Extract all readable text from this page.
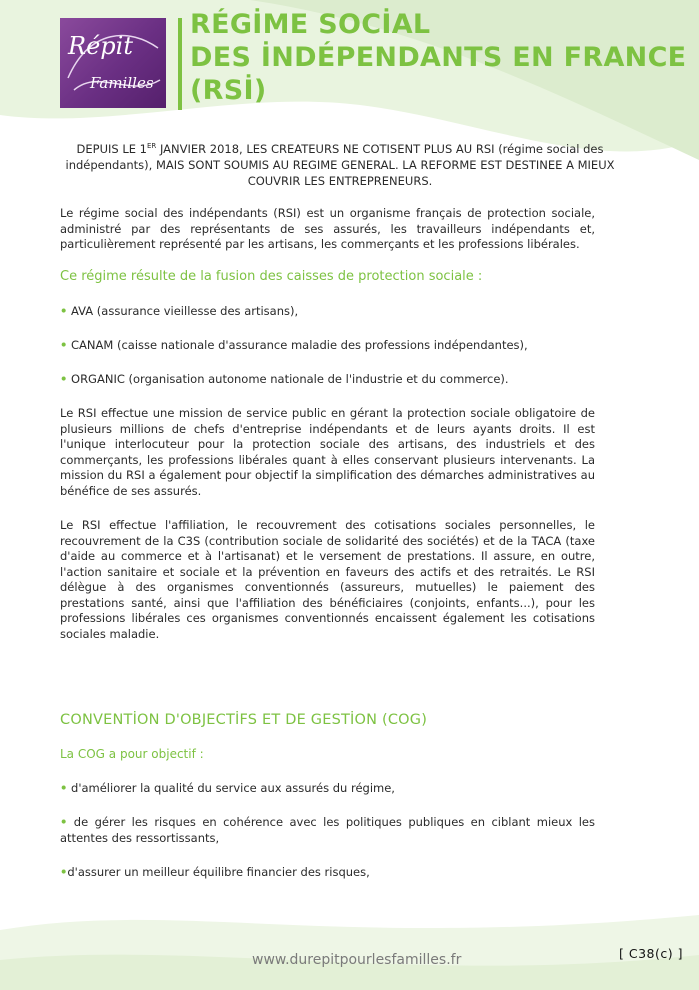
Répit
Familles
RÉGİME SOCİAL
DES İNDÉPENDANTS EN FRANCE
(RSİ)
DEPUIS LE 1ER JANVIER 2018, LES CREATEURS NE COTISENT PLUS AU RSI (régime social des indépendants), MAIS SONT SOUMIS AU REGIME GENERAL. LA REFORME EST DESTINEE A MIEUX COUVRIR LES ENTREPRENEURS.
Le régime social des indépendants (RSI) est un organisme français de protection sociale, administré par des représentants de ses assurés, les travailleurs indépendants et, particulièrement représenté par les artisans, les commerçants et les professions libérales.
Ce régime résulte de la fusion des caisses de protection sociale :
• AVA (assurance vieillesse des artisans),
• CANAM (caisse nationale d'assurance maladie des professions indépendantes),
• ORGANIC (organisation autonome nationale de l'industrie et du commerce).
Le RSI effectue une mission de service public en gérant la protection sociale obligatoire de plusieurs millions de chefs d'entreprise indépendants et de leurs ayants droits. Il est l'unique interlocuteur pour la protection sociale des artisans, des industriels et des commerçants, les professions libérales quant à elles conservant plusieurs intervenants. La mission du RSI a également pour objectif la simplification des démarches administratives au bénéfice de ses assurés.
Le RSI effectue l'affiliation, le recouvrement des cotisations sociales personnelles, le recouvrement de la C3S (contribution sociale de solidarité des sociétés) et de la TACA (taxe d'aide au commerce et à l'artisanat) et le versement de prestations. Il assure, en outre, l'action sanitaire et sociale et la prévention en faveurs des actifs et des retraités. Le RSI délègue à des organismes conventionnés (assureurs, mutuelles) le paiement des prestations santé, ainsi que l'affiliation des bénéficiaires (conjoints, enfants...), pour les professions libérales ces organismes conventionnés encaissent également les cotisations sociales maladie.
CONVENTİON D'OBJECTİFS ET DE GESTİON (COG)
La COG a pour objectif :
• d'améliorer la qualité du service aux assurés du régime,
• de gérer les risques en cohérence avec les politiques publiques en ciblant mieux les attentes des ressortissants,
•d'assurer un meilleur équilibre financier des risques,
www.durepitpourlesfamilles.fr	[ C38(c) ]
